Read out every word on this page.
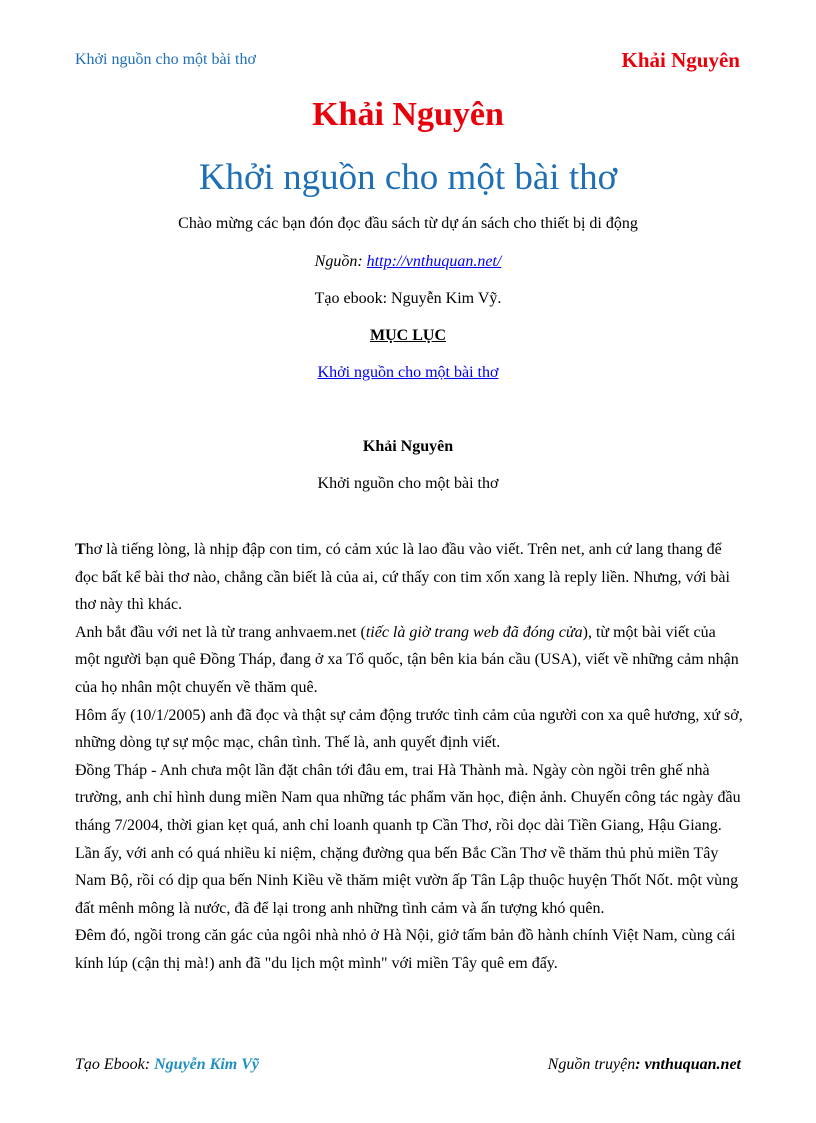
Khởi nguồn cho một bài thơ	Khải Nguyên
Khải Nguyên
Khởi nguồn cho một bài thơ
Chào mừng các bạn đón đọc đầu sách từ dự án sách cho thiết bị di động
Nguồn: http://vnthuquan.net/
Tạo ebook: Nguyễn Kim Vỹ.
MỤC LỤC
Khởi nguồn cho một bài thơ
Khải Nguyên
Khởi nguồn cho một bài thơ

Thơ là tiếng lòng, là nhịp đập con tim, có cảm xúc là lao đầu vào viết. Trên net, anh cứ lang thang để đọc bất kể bài thơ nào, chẳng cần biết là của ai, cứ thấy con tim xốn xang là reply liền. Nhưng, với bài thơ này thì khác.

Anh bắt đầu với net là từ trang anhvaem.net (tiếc là giờ trang web đã đóng cửa), từ một bài viết của một người bạn quê Đồng Tháp, đang ở xa Tổ quốc, tận bên kia bán cầu (USA), viết về những cảm nhận của họ nhân một chuyến về thăm quê.

Hôm ấy (10/1/2005) anh đã đọc và thật sự cảm động trước tình cảm của người con xa quê hương, xứ sở, những dòng tự sự mộc mạc, chân tình. Thế là, anh quyết định viết.

Đồng Tháp - Anh chưa một lần đặt chân tới đâu em, trai Hà Thành mà. Ngày còn ngồi trên ghế nhà trường, anh chỉ hình dung miền Nam qua những tác phẩm văn học, điện ảnh. Chuyến công tác ngày đầu tháng 7/2004, thời gian kẹt quá, anh chỉ loanh quanh tp Cần Thơ, rồi dọc dài Tiền Giang, Hậu Giang.

Lần ấy, với anh có quá nhiều kỉ niệm, chặng đường qua bến Bắc Cần Thơ về thăm thủ phủ miền Tây Nam Bộ, rồi có dịp qua bến Ninh Kiều về thăm miệt vườn ấp Tân Lập thuộc huyện Thốt Nốt. một vùng đất mênh mông là nước, đã để lại trong anh những tình cảm và ấn tượng khó quên.

Đêm đó, ngồi trong căn gác của ngôi nhà nhỏ ở Hà Nội, giở tấm bản đồ hành chính Việt Nam, cùng cái kính lúp (cận thị mà!) anh đã "du lịch một mình" với miền Tây quê em đấy.

Tạo Ebook: Nguyễn Kim Vỹ	Nguồn truyện: vnthuquan.net
